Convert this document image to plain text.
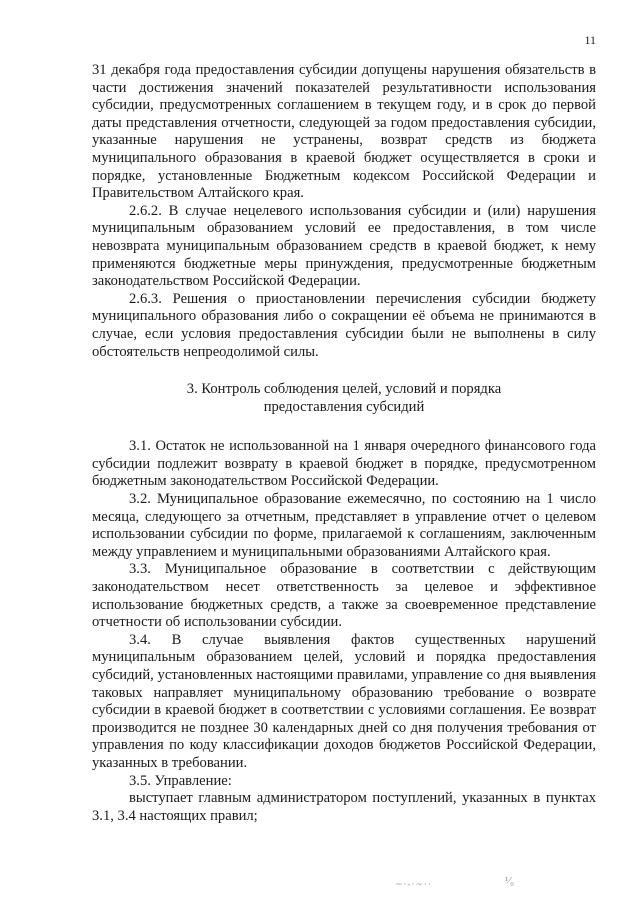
11

31 декабря года предоставления субсидии допущены нарушения обязательств в части достижения значений показателей результативности использования субсидии, предусмотренных соглашением в текущем году, и в срок до первой даты представления отчетности, следующей за годом предоставления субсидии, указанные нарушения не устранены, возврат средств из бюджета муниципального образования в краевой бюджет осуществляется в сроки и порядке, установленные Бюджетным кодексом Российской Федерации и Правительством Алтайского края.

2.6.2. В случае нецелевого использования субсидии и (или) нарушения муниципальным образованием условий ее предоставления, в том числе невозврата муниципальным образованием средств в краевой бюджет, к нему применяются бюджетные меры принуждения, предусмотренные бюджетным законодательством Российской Федерации.

2.6.3. Решения о приостановлении перечисления субсидии бюджету муниципального образования либо о сокращении её объема не принимаются в случае, если условия предоставления субсидии были не выполнены в силу обстоятельств непреодолимой силы.

3. Контроль соблюдения целей, условий и порядка предоставления субсидий

3.1. Остаток не использованной на 1 января очередного финансового года субсидии подлежит возврату в краевой бюджет в порядке, предусмотренном бюджетным законодательством Российской Федерации.

3.2. Муниципальное образование ежемесячно, по состоянию на 1 число месяца, следующего за отчетным, представляет в управление отчет о целевом использовании субсидии по форме, прилагаемой к соглашениям, заключенным между управлением и муниципальными образованиями Алтайского края.

3.3. Муниципальное образование в соответствии с действующим законодательством несет ответственность за целевое и эффективное использование бюджетных средств, а также за своевременное представление отчетности об использовании субсидии.

3.4. В случае выявления фактов существенных нарушений муниципальным образованием целей, условий и порядка предоставления субсидий, установленных настоящими правилами, управление со дня выявления таковых направляет муниципальному образованию требование о возврате субсидии в краевой бюджет в соответствии с условиями соглашения. Ее возврат производится не позднее 30 календарных дней со дня получения требования от управления по коду классификации доходов бюджетов Российской Федерации, указанных в требовании.

3.5. Управление:

выступает главным администратором поступлений, указанных в пунктах 3.1, 3.4 настоящих правил;

~·-·~··	¹⁄₀
